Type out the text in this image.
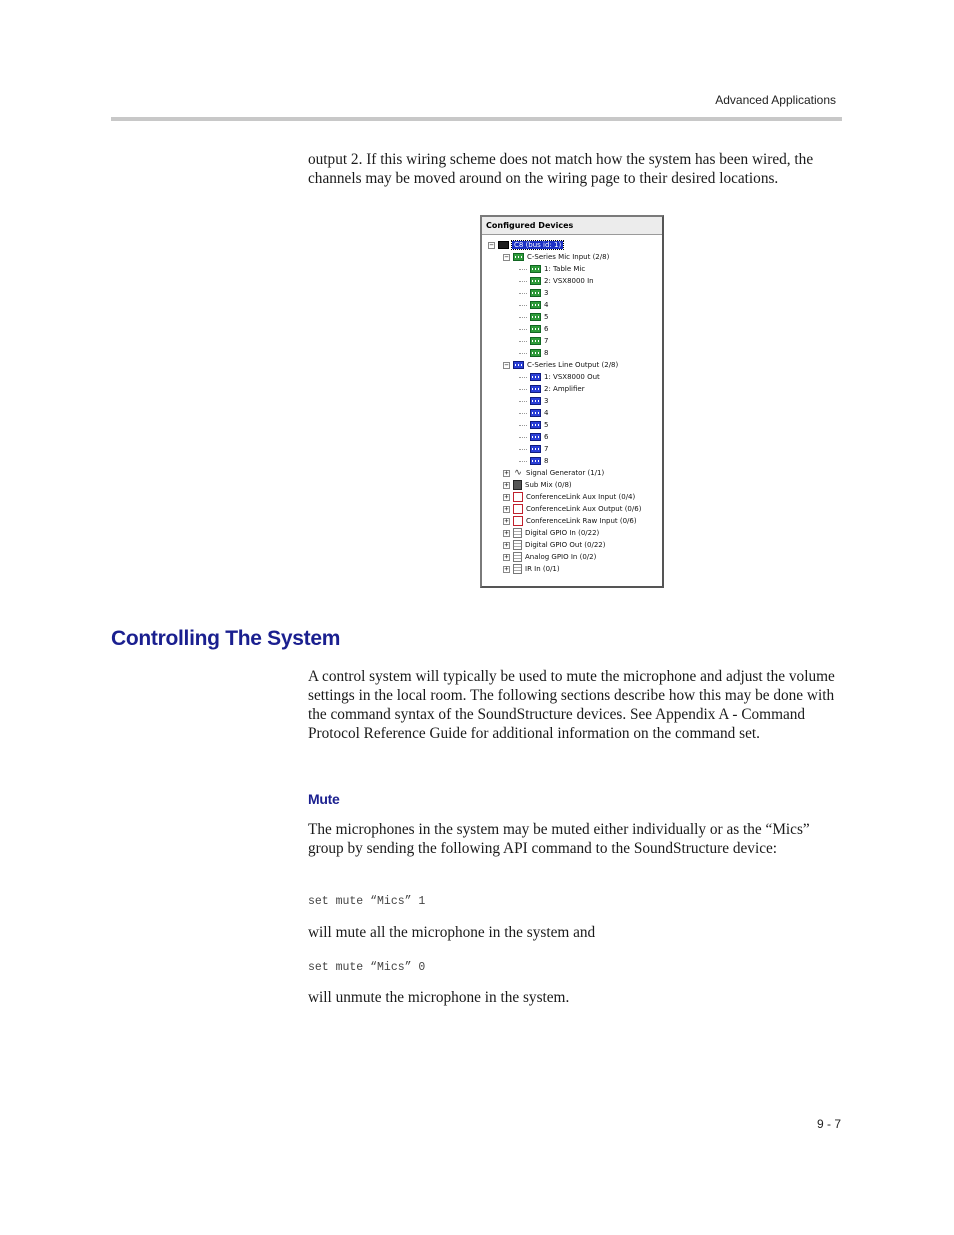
Advanced Applications

output 2. If this wiring scheme does not match how the system has been wired, the channels may be moved around on the wiring page to their desired locations.

Configured Devices
−	C8 (bus id: 1)
−	C-Series Mic Input (2/8)
1: Table Mic
2: VSX8000 In
3
4
5
6
7
8
−	C-Series Line Output (2/8)
1: VSX8000 Out
2: Amplifier
3
4
5
6
7
8
+ ∿ Signal Generator (1/1)
+ Sub Mix (0/8)
+ ConferenceLink Aux Input (0/4)
+ ConferenceLink Aux Output (0/6)
+ ConferenceLink Raw Input (0/6)
+ Digital GPIO In (0/22)
+ Digital GPIO Out (0/22)
+ Analog GPIO In (0/2)
+ IR In (0/1)
Controlling The System

A control system will typically be used to mute the microphone and adjust the volume settings in the local room. The following sections describe how this may be done with the command syntax of the SoundStructure devices. See Appendix A - Command Protocol Reference Guide for additional information on the command set.

Mute

The microphones in the system may be muted either individually or as the “Mics” group by sending the following API command to the SoundStructure device:

set mute “Mics” 1

will mute all the microphone in the system and

set mute “Mics” 0

will unmute the microphone in the system.

9 - 7
